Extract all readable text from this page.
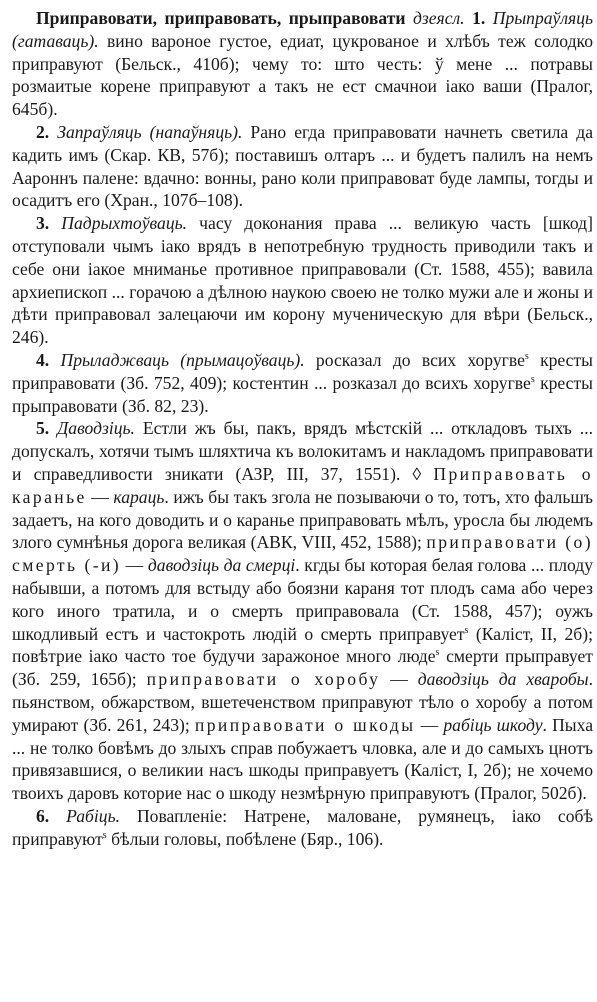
Приправовати, приправовать, прыправовати дзеясл. 1. Прыпраўляць (гатаваць). вино вароное густое, едиат, цукрованое и хлѣбъ теж солодко приправуют (Бельск., 410б); чему то: што честь: ў мене ... потравы розмаитые корене приправуют а такъ не ест смачнои iако ваши (Пралог, 645б).

2. Запраўляць (напаўняць). Рано егда приправовати начнеть светила да кадить имъ (Скар. КВ, 57б); поставишъ олтаръ ... и будетъ палилъ на немъ Аароннъ палене: вдачно: вонны, рано коли приправоват буде лампы, тогды и осадитъ его (Хран., 107б–108).

3. Падрыхтоўваць. часу доконания права ... великую часть [шкод] отступовали чымъ iако врядъ в непотребную трудность приводили такъ и себе они iакое мниманье противное приправовали (Ст. 1588, 455); вавила архиепископ ... горачою а дѣлною наукою своею не толко мужи але и жоны и дѣти приправовал залецаючи им корону мученическую для вѣри (Бельск., 246).

4. Прыладжваць (прымацоўваць). росказал до всих хоругве$^s$ кресты приправовати (Зб. 752, 409); костентин ... розказал до всихъ хоругве$^s$ кресты прыправовати (Зб. 82, 23).

5. Даводзіць. Естли жъ бы, пакъ, врядъ мѣстскій ... откладовъ тыхъ ... допускалъ, хотячи тымъ шляхтича къ волокитамъ и накладомъ приправовати и справедливости зникати (АЗР, III, 37, 1551). ◊ Приправовать о каранье — караць. ижъ бы такъ згола не позываючи о то, тотъ, хто фальшъ задаетъ, на кого доводить и о каранье приправовать мѣлъ, уросла бы людемъ злого сумнѣнья дорога великая (АВК, VIII, 452, 1588); приправовати (о) смерть (-и) — даводзіць да смерці. кгды бы которая белая голова ... плоду набывши, а потомъ для встыду або боязни караня тот плодъ сама або через кого иного тратила, и о смерть приправовала (Ст. 1588, 457); оужъ шкодливый естъ и частокроть людій о смерть приправует$^s$ (Каліст, II, 2б); повѣтрие iако часто тое будучи заражоное много люде$^s$ смерти прыправует (Зб. 259, 165б); приправовати о хоробу — даводзіць да хваробы. пьянством, обжарством, вшетеченством приправуют тѣло о хоробу а потом умирают (Зб. 261, 243); приправовати о шкоды — рабіць шкоду. Пыха ... не толко бовѣмъ до злыхъ справ побужаетъ чловка, але и до самыхъ цнотъ привязавшися, о великии насъ шкоды приправуетъ (Каліст, I, 2б); не хочемо твоихъ даровъ которие нас о шкоду незмѣрную приправуютъ (Пралог, 502б).

6. Рабіць. Повапленіе: Натрене, маловане, румянецъ, iако собѣ приправуют$^s$ бѣлыи головы, побѣлене (Бяр., 106).
